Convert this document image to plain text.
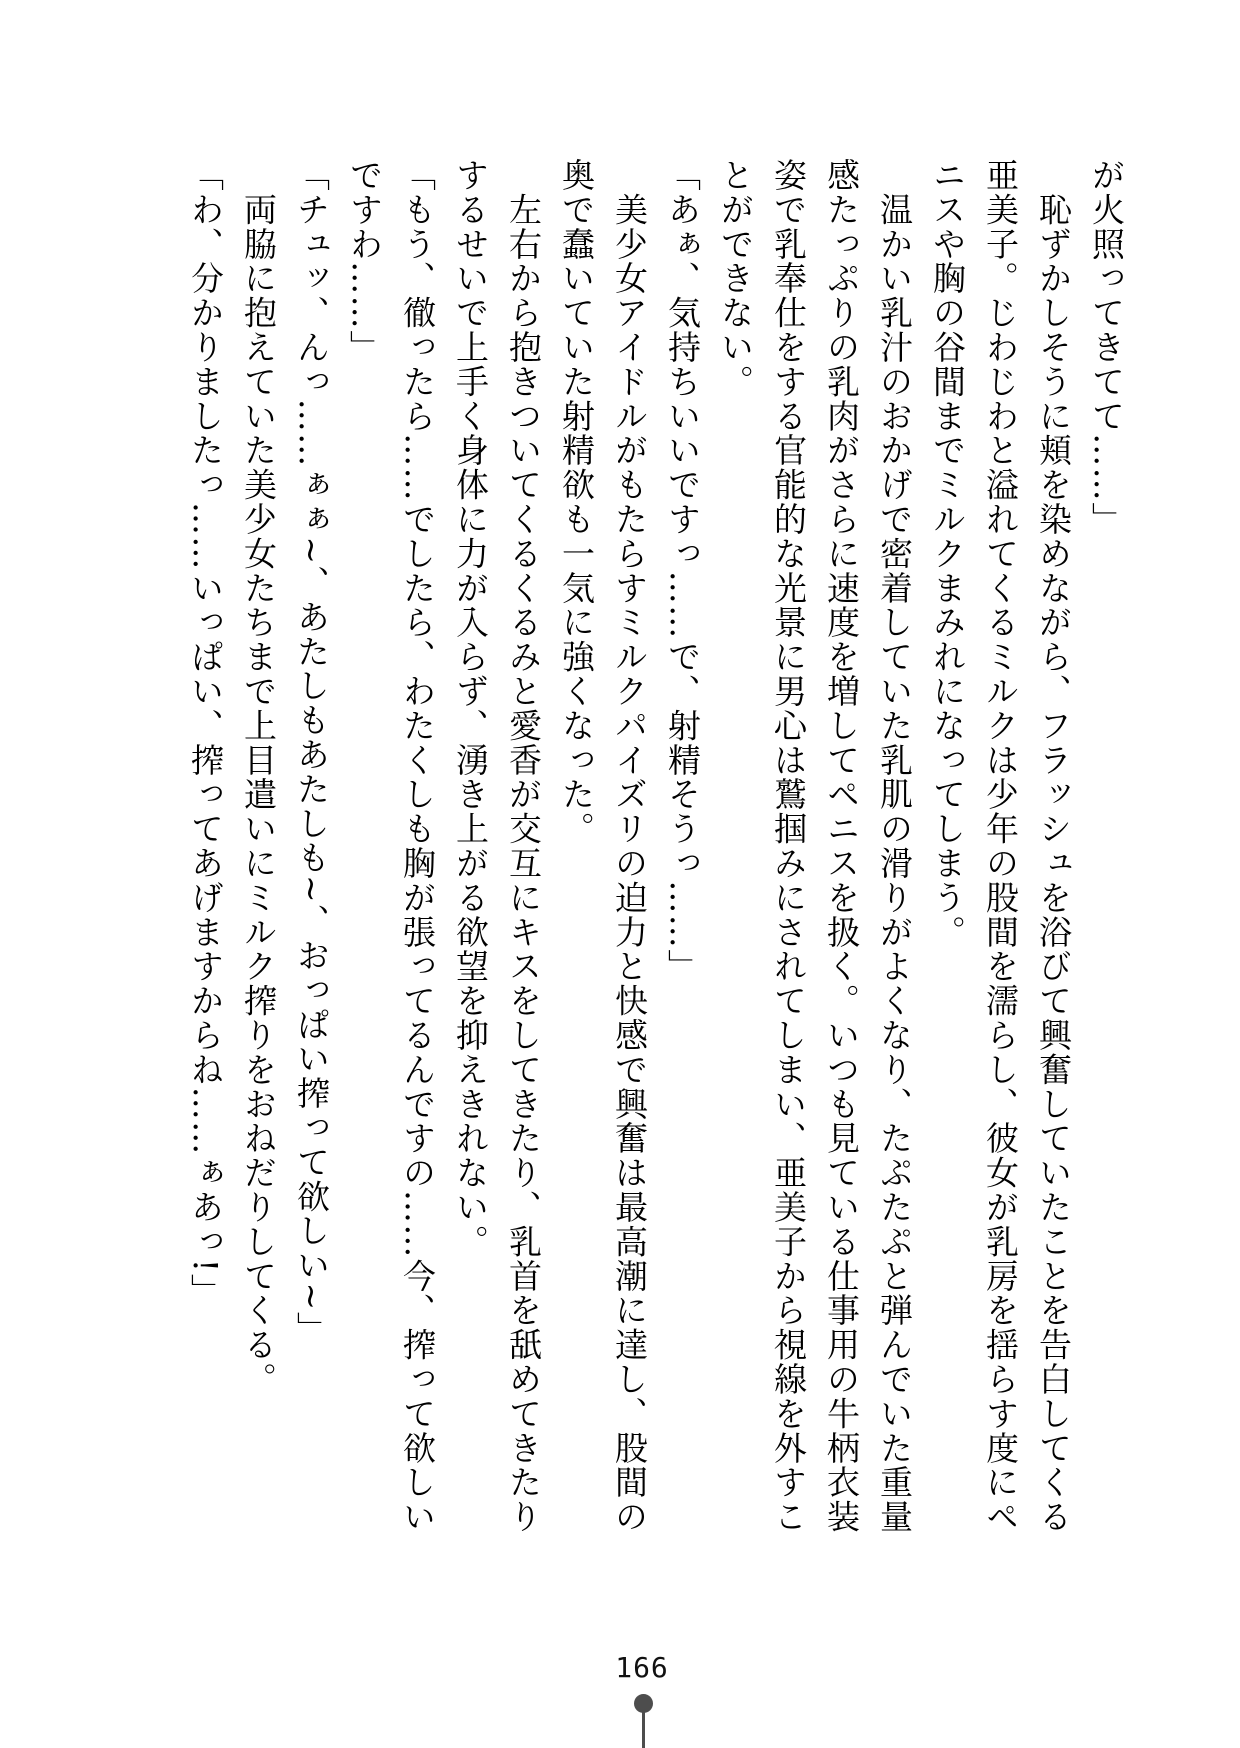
が火照ってきてて……」

　恥ずかしそうに頬を染めながら、フラッシュを浴びて興奮していたことを告白してくる

亜美子。じわじわと溢れてくるミルクは少年の股間を濡らし、彼女が乳房を揺らす度にペ

ニスや胸の谷間までミルクまみれになってしまう。

　温かい乳汁のおかげで密着していた乳肌の滑りがよくなり、たぷたぷと弾んでいた重量

感たっぷりの乳肉がさらに速度を増してペニスを扱く。いつも見ている仕事用の牛柄衣装

姿で乳奉仕をする官能的な光景に男心は鷲掴みにされてしまい、亜美子から視線を外すこ

とができない。

「あぁ、気持ちいいですっ……で、射精そうっ……」

　美少女アイドルがもたらすミルクパイズリの迫力と快感で興奮は最高潮に達し、股間の

奥で蠢いていた射精欲も一気に強くなった。

　左右から抱きついてくるくるみと愛香が交互にキスをしてきたり、乳首を舐めてきたり

するせいで上手く身体に力が入らず、湧き上がる欲望を抑えきれない。

「もう、徹ったら……でしたら、わたくしも胸が張ってるんですの……今、搾って欲しい

ですわ……」

「チュッ、んっ……ぁぁ~、あたしもあたしも~、おっぱい搾って欲しい~」

　両脇に抱えていた美少女たちまで上目遣いにミルク搾りをおねだりしてくる。

「わ、分かりましたっ……いっぱい、搾ってあげますからね……ぁあっ!」

166
